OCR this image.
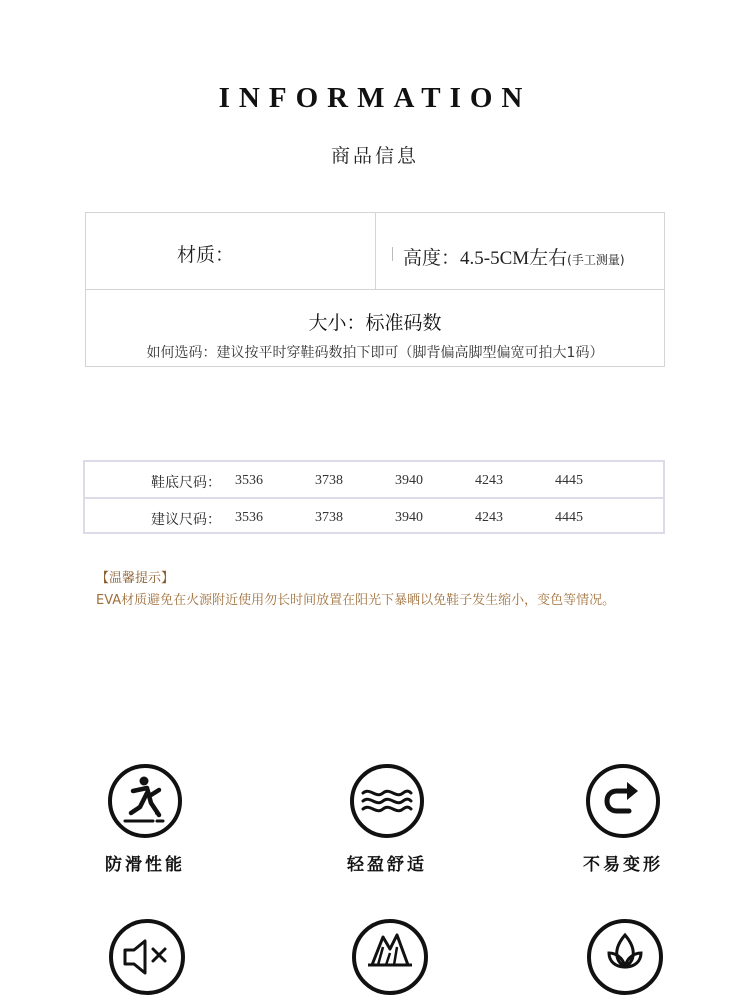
INFORMATION
商品信息
材质：	高度：4.5-5CM左右(手工测量)
大小：标准码数
如何选码：建议按平时穿鞋码数拍下即可（脚背偏高脚型偏宽可拍大1码）
鞋底尺码： 3536	3738	3940	4243	4445
建议尺码： 3536	3738	3940	4243	4445
【温馨提示】
EVA材质避免在火源附近使用勿长时间放置在阳光下暴晒以免鞋子发生缩小，变色等情况。
防滑性能	轻盈舒适	不易变形
